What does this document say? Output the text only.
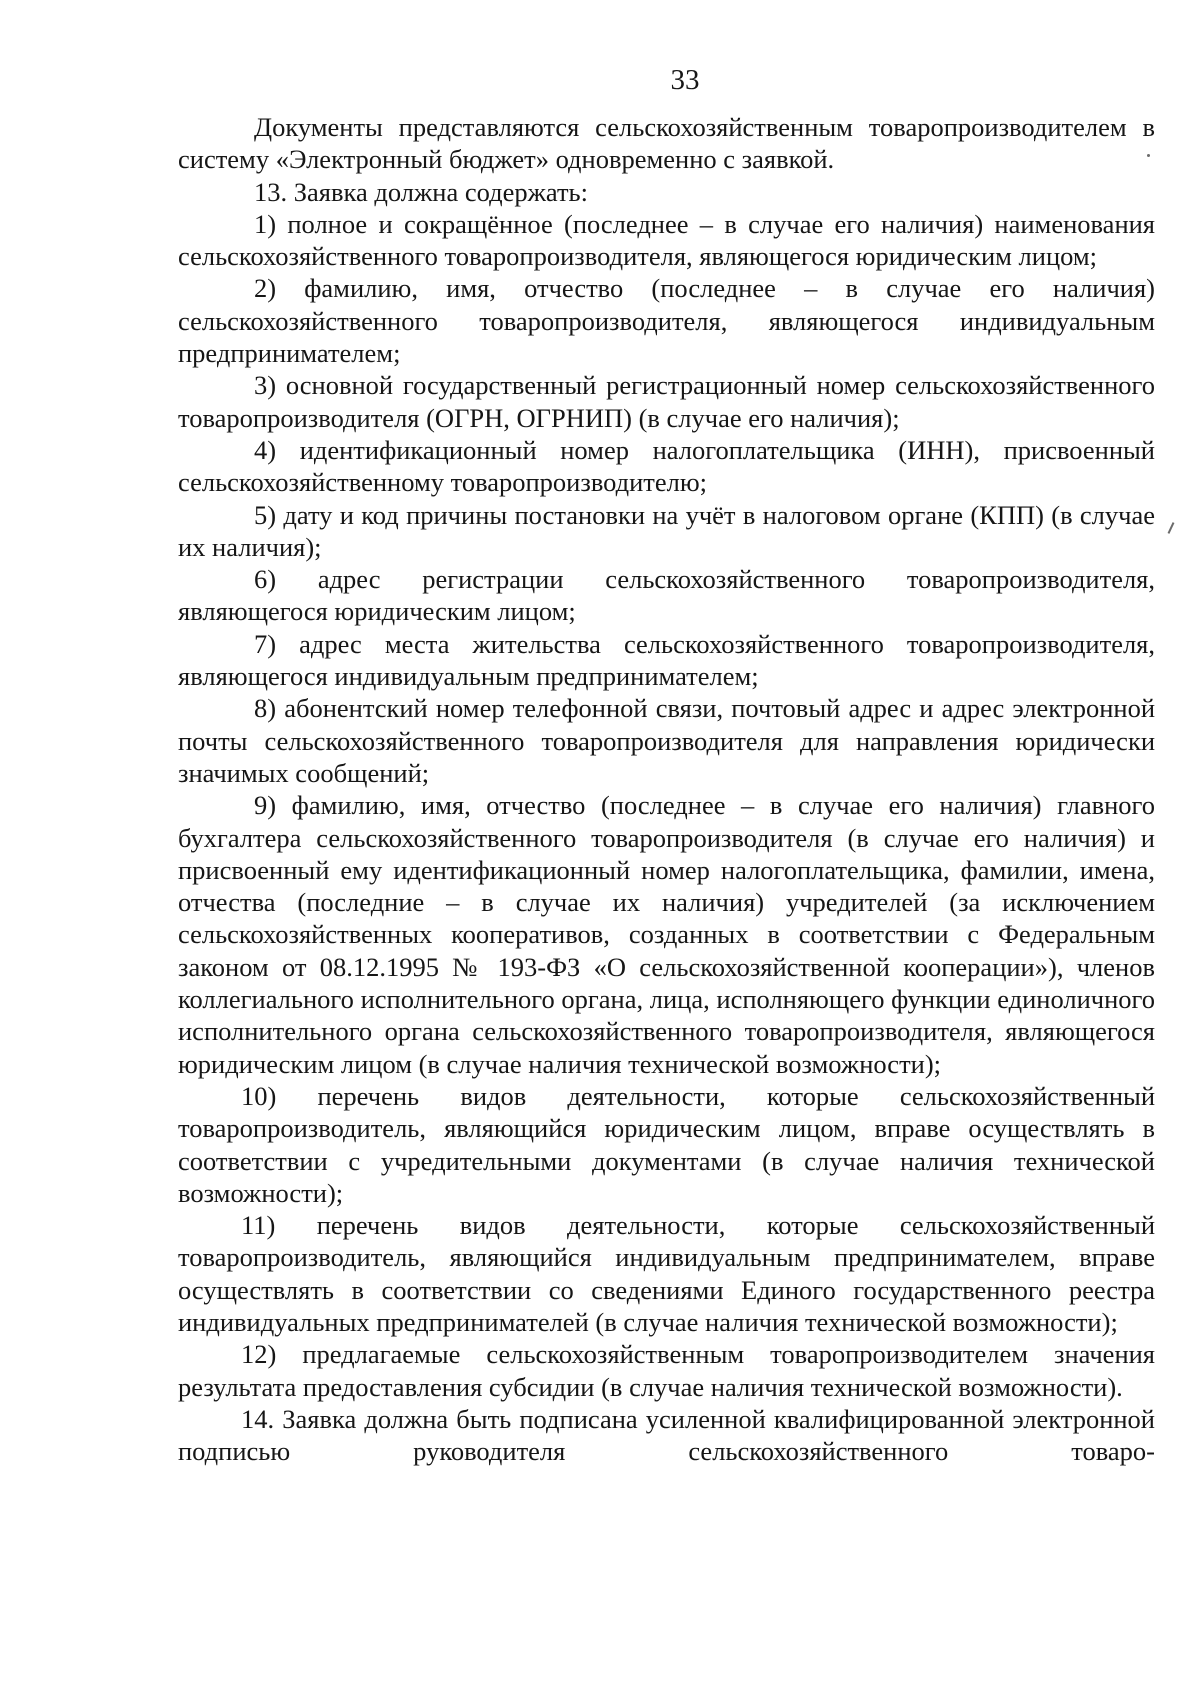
33

Документы представляются сельскохозяйственным товаропроизводителем в систему «Электронный бюджет» одновременно с заявкой.

13. Заявка должна содержать:

1) полное и сокращённое (последнее – в случае его наличия) наименования сельскохозяйственного товаропроизводителя, являющегося юридическим лицом;

2) фамилию, имя, отчество (последнее – в случае его наличия) сельскохозяйственного товаропроизводителя, являющегося индивидуальным предпринимателем;

3) основной государственный регистрационный номер сельскохозяйственного товаропроизводителя (ОГРН, ОГРНИП) (в случае его наличия);

4) идентификационный номер налогоплательщика (ИНН), присвоенный сельскохозяйственному товаропроизводителю;

5) дату и код причины постановки на учёт в налоговом органе (КПП) (в случае их наличия);

6) адрес регистрации сельскохозяйственного товаропроизводителя, являющегося юридическим лицом;

7) адрес места жительства сельскохозяйственного товаропроизводителя, являющегося индивидуальным предпринимателем;

8) абонентский номер телефонной связи, почтовый адрес и адрес электронной почты сельскохозяйственного товаропроизводителя для направления юридически значимых сообщений;

9) фамилию, имя, отчество (последнее – в случае его наличия) главного бухгалтера сельскохозяйственного товаропроизводителя (в случае его наличия) и присвоенный ему идентификационный номер налогоплательщика, фамилии, имена, отчества (последние – в случае их наличия) учредителей (за исключением сельскохозяйственных кооперативов, созданных в соответствии с Федеральным законом от 08.12.1995 № 193-ФЗ «О сельскохозяйственной кооперации»), членов коллегиального исполнительного органа, лица, исполняющего функции единоличного исполнительного органа сельскохозяйственного товаропроизводителя, являющегося юридическим лицом (в случае наличия технической возможности);

10) перечень видов деятельности, которые сельскохозяйственный товаропроизводитель, являющийся юридическим лицом, вправе осуществлять в соответствии с учредительными документами (в случае наличия технической возможности);

11) перечень видов деятельности, которые сельскохозяйственный товаропроизводитель, являющийся индивидуальным предпринимателем, вправе осуществлять в соответствии со сведениями Единого государственного реестра индивидуальных предпринимателей (в случае наличия технической возможности);

12) предлагаемые сельскохозяйственным товаропроизводителем значения результата предоставления субсидии (в случае наличия технической возможности).

14. Заявка должна быть подписана усиленной квалифицированной электронной подписью руководителя сельскохозяйственного товаро-
